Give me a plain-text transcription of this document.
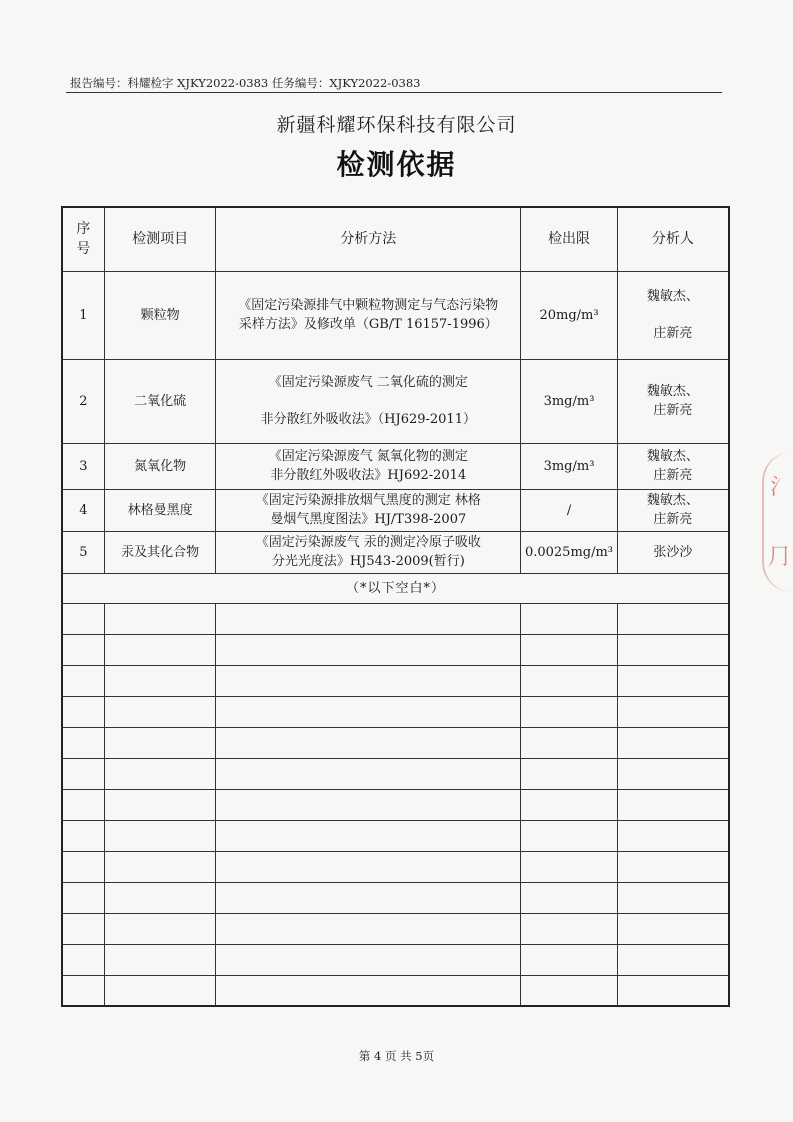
报告编号：科耀检字 XJKY2022-0383 任务编号：XJKY2022-0383
新疆科耀环保科技有限公司
检测依据
序号	检测项目	分析方法	检出限	分析人
1	颗粒物	《固定污染源排气中颗粒物测定与气态污染物
采样方法》及修改单（GB/T 16157-1996）	20mg/m³	魏敏杰、
庄新亮

2	二氧化硫	《固定污染源废气 二氧化硫的测定
非分散红外吸收法》（HJ629-2011）	3mg/m³	魏敏杰、
庄新亮

3	氮氧化物	《固定污染源废气 氮氧化物的测定
非分散红外吸收法》HJ692-2014	3mg/m³	魏敏杰、
庄新亮

4	林格曼黑度	《固定污染源排放烟气黑度的测定 林格
曼烟气黑度图法》HJ/T398-2007	/	魏敏杰、
庄新亮

5	汞及其化合物	《固定污染源废气 汞的测定冷原子吸收
分光光度法》HJ543-2009(暂行)	0.0025mg/m³	张沙沙
（*以下空白*）				

第 4 页 共 5页
⺡
⺆
